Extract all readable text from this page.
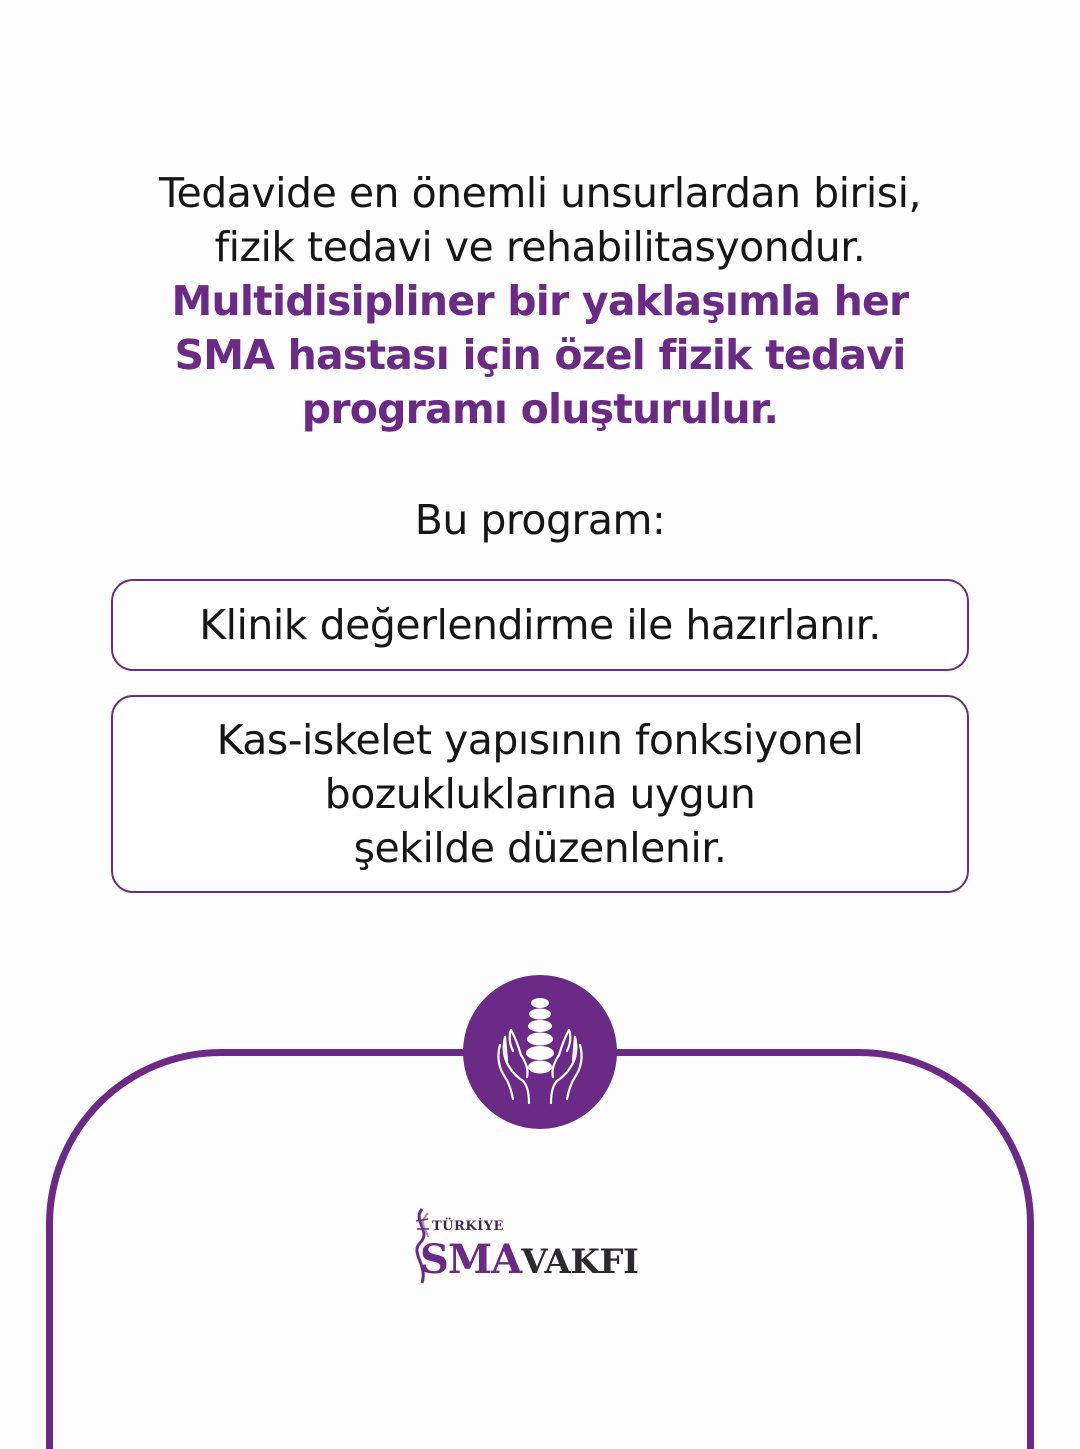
Tedavide en önemli unsurlardan birisi,

fizik tedavi ve rehabilitasyondur.

Multidisipliner bir yaklaşımla her

SMA hastası için özel fizik tedavi

programı oluşturulur.

Bu program:

Klinik değerlendirme ile hazırlanır.

Kas-iskelet yapısının fonksiyonel

bozukluklarına uygun

şekilde düzenlenir.

TÜRKİYE
SMAVAKFI
